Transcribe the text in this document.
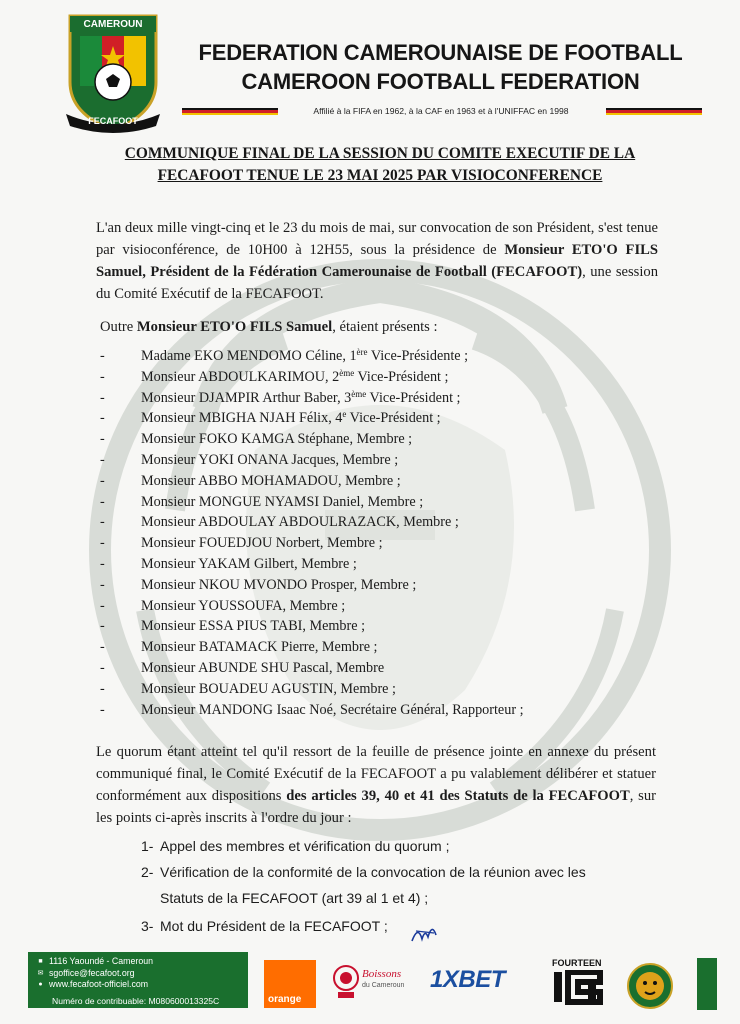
CAMEROUN
FECAFOOT
FEDERATION CAMEROUNAISE DE FOOTBALL
CAMEROON FOOTBALL FEDERATION
Affilié à la FIFA en 1962, à la CAF en 1963 et à l'UNIFFAC en 1998
COMMUNIQUE FINAL DE LA SESSION DU COMITE EXECUTIF DE LA
FECAFOOT TENUE LE 23 MAI 2025 PAR VISIOCONFERENCE

L'an deux mille vingt-cinq et le 23 du mois de mai, sur convocation de son Président, s'est tenue par visioconférence, de 10H00 à 12H55, sous la présidence de Monsieur ETO'O FILS Samuel, Président de la Fédération Camerounaise de Football (FECAFOOT), une session du Comité Exécutif de la FECAFOOT.

Outre Monsieur ETO'O FILS Samuel, étaient présents :

-	Madame EKO MENDOMO Céline, 1ère Vice-Présidente ;
-	Monsieur ABDOULKARIMOU, 2ème Vice-Président ;
-	Monsieur DJAMPIR Arthur Baber, 3ème Vice-Président ;
-	Monsieur MBIGHA NJAH Félix, 4e Vice-Président ;
-	Monsieur FOKO KAMGA Stéphane, Membre ;
-	Monsieur YOKI ONANA Jacques, Membre ;
-	Monsieur ABBO MOHAMADOU, Membre ;
-	Monsieur MONGUE NYAMSI Daniel, Membre ;
-	Monsieur ABDOULAY ABDOULRAZACK, Membre ;
-	Monsieur FOUEDJOU Norbert, Membre ;
-	Monsieur YAKAM Gilbert, Membre ;
-	Monsieur NKOU MVONDO Prosper, Membre ;
-	Monsieur YOUSSOUFA, Membre ;
-	Monsieur ESSA PIUS TABI, Membre ;
-	Monsieur BATAMACK Pierre, Membre ;
-	Monsieur ABUNDE SHU Pascal, Membre
-	Monsieur BOUADEU AGUSTIN, Membre ;
-	Monsieur MANDONG Isaac Noé, Secrétaire Général, Rapporteur ;

Le quorum étant atteint tel qu'il ressort de la feuille de présence jointe en annexe du présent communiqué final, le Comité Exécutif de la FECAFOOT a pu valablement délibérer et statuer conformément aux dispositions des articles 39, 40 et 41 des Statuts de la FECAFOOT, sur les points ci-après inscrits à l'ordre du jour :

1- Appel des membres et vérification du quorum ;
2- Vérification de la conformité de la convocation de la réunion avec les
Statuts de la FECAFOOT (art 39 al 1 et 4) ;
3- Mot du Président de la FECAFOOT ;
■ 1116 Yaoundé - Cameroun
✉ sgoffice@fecafoot.org
● www.fecafoot-officiel.com
Numéro de contribuable: M080600013325C	orange
Boissons
du Cameroun 1XBET
FOURTEEN
